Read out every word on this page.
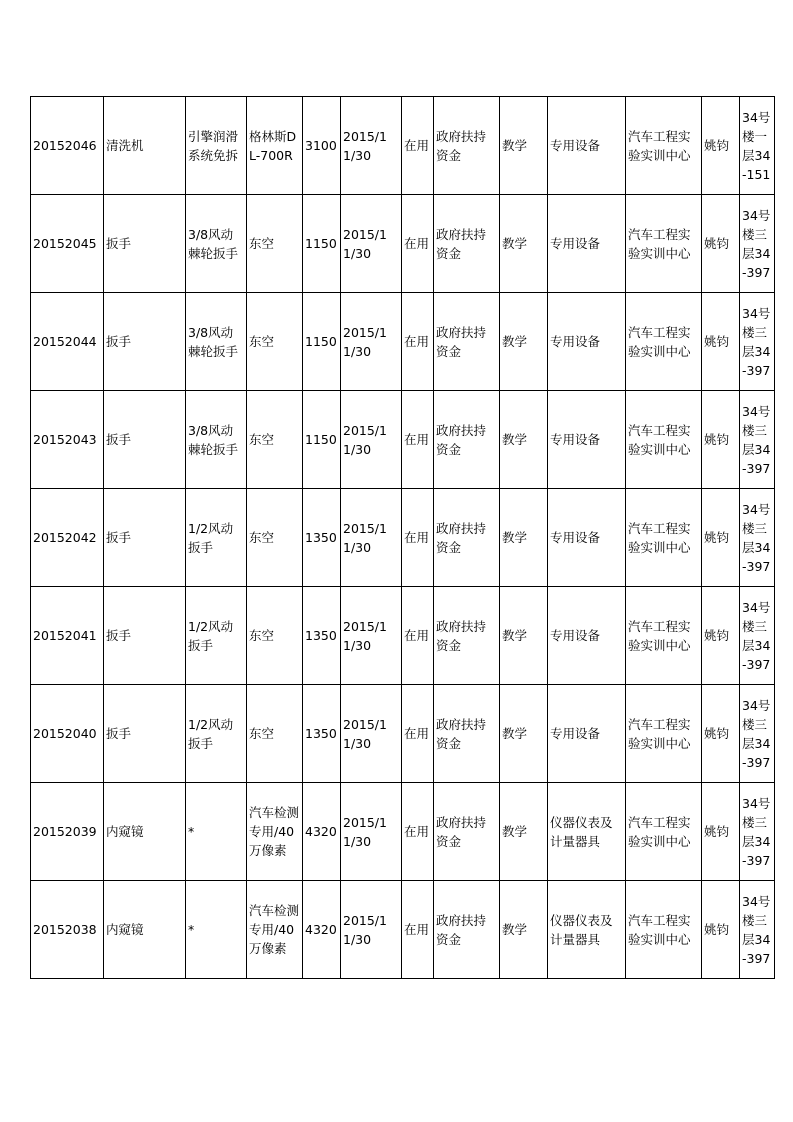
20152046	清洗机	引擎润滑系统免拆	格林斯DL-700R	3100	2015/11/30	在用	政府扶持资金	教学	专用设备	汽车工程实验实训中心	姚钧	34号楼一层34-151
20152045	扳手	3/8风动棘轮扳手	东空	1150	2015/11/30	在用	政府扶持资金	教学	专用设备	汽车工程实验实训中心	姚钧	34号楼三层34-397
20152044	扳手	3/8风动棘轮扳手	东空	1150	2015/11/30	在用	政府扶持资金	教学	专用设备	汽车工程实验实训中心	姚钧	34号楼三层34-397
20152043	扳手	3/8风动棘轮扳手	东空	1150	2015/11/30	在用	政府扶持资金	教学	专用设备	汽车工程实验实训中心	姚钧	34号楼三层34-397
20152042	扳手	1/2风动扳手	东空	1350	2015/11/30	在用	政府扶持资金	教学	专用设备	汽车工程实验实训中心	姚钧	34号楼三层34-397
20152041	扳手	1/2风动扳手	东空	1350	2015/11/30	在用	政府扶持资金	教学	专用设备	汽车工程实验实训中心	姚钧	34号楼三层34-397
20152040	扳手	1/2风动扳手	东空	1350	2015/11/30	在用	政府扶持资金	教学	专用设备	汽车工程实验实训中心	姚钧	34号楼三层34-397
20152039	内窥镜	*	汽车检测专用/40万像素	4320	2015/11/30	在用	政府扶持资金	教学	仪器仪表及计量器具	汽车工程实验实训中心	姚钧	34号楼三层34-397
20152038	内窥镜	*	汽车检测专用/40万像素	4320	2015/11/30	在用	政府扶持资金	教学	仪器仪表及计量器具	汽车工程实验实训中心	姚钧	34号楼三层34-397
